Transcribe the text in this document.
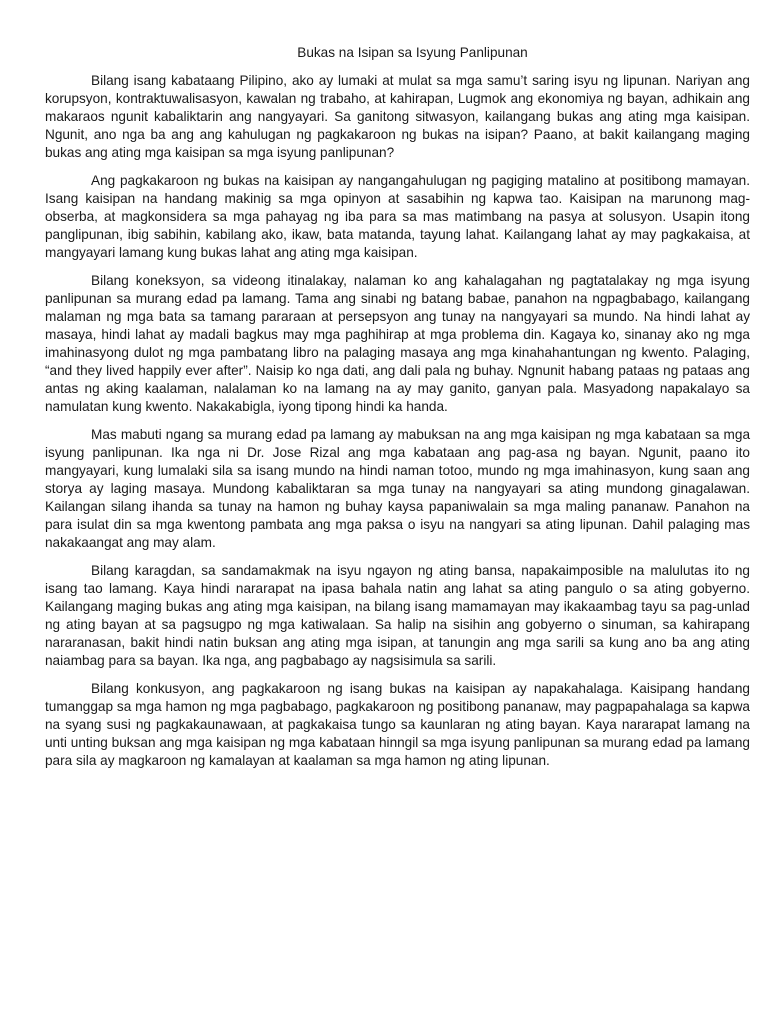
Bukas na Isipan sa Isyung Panlipunan

Bilang isang kabataang Pilipino, ako ay lumaki at mulat sa mga samu’t saring isyu ng lipunan. Nariyan ang korupsyon, kontraktuwalisasyon, kawalan ng trabaho, at kahirapan, Lugmok ang ekonomiya ng bayan, adhikain ang makaraos ngunit kabaliktarin ang nangyayari. Sa ganitong sitwasyon, kailangang bukas ang ating mga kaisipan. Ngunit, ano nga ba ang ang kahulugan ng pagkakaroon ng bukas na isipan? Paano, at bakit kailangang maging bukas ang ating mga kaisipan sa mga isyung panlipunan?

Ang pagkakaroon ng bukas na kaisipan ay nangangahulugan ng pagiging matalino at positibong mamayan. Isang kaisipan na handang makinig sa mga opinyon at sasabihin ng kapwa tao. Kaisipan na marunong mag-obserba, at magkonsidera sa mga pahayag ng iba para sa mas matimbang na pasya at solusyon. Usapin itong panglipunan, ibig sabihin, kabilang ako, ikaw, bata matanda, tayung lahat. Kailangang lahat ay may pagkakaisa, at mangyayari lamang kung bukas lahat ang ating mga kaisipan.

Bilang koneksyon, sa videong itinalakay, nalaman ko ang kahalagahan ng pagtatalakay ng mga isyung panlipunan sa murang edad pa lamang. Tama ang sinabi ng batang babae, panahon na ngpagbabago, kailangang malaman ng mga bata sa tamang pararaan at persepsyon ang tunay na nangyayari sa mundo. Na hindi lahat ay masaya, hindi lahat ay madali bagkus may mga paghihirap at mga problema din. Kagaya ko, sinanay ako ng mga imahinasyong dulot ng mga pambatang libro na palaging masaya ang mga kinahahantungan ng kwento. Palaging, “and they lived happily ever after”. Naisip ko nga dati, ang dali pala ng buhay. Ngnunit habang pataas ng pataas ang antas ng aking kaalaman, nalalaman ko na lamang na ay may ganito, ganyan pala. Masyadong napakalayo sa namulatan kung kwento. Nakakabigla, iyong tipong hindi ka handa.

Mas mabuti ngang sa murang edad pa lamang ay mabuksan na ang mga kaisipan ng mga kabataan sa mga isyung panlipunan. Ika nga ni Dr. Jose Rizal ang mga kabataan ang pag-asa ng bayan. Ngunit, paano ito mangyayari, kung lumalaki sila sa isang mundo na hindi naman totoo, mundo ng mga imahinasyon, kung saan ang storya ay laging masaya. Mundong kabaliktaran sa mga tunay na nangyayari sa ating mundong ginagalawan. Kailangan silang ihanda sa tunay na hamon ng buhay kaysa papaniwalain sa mga maling pananaw. Panahon na para isulat din sa mga kwentong pambata ang mga paksa o isyu na nangyari sa ating lipunan. Dahil palaging mas nakakaangat ang may alam.

Bilang karagdan, sa sandamakmak na isyu ngayon ng ating bansa, napakaimposible na malulutas ito ng isang tao lamang. Kaya hindi nararapat na ipasa bahala natin ang lahat sa ating pangulo o sa ating gobyerno. Kailangang maging bukas ang ating mga kaisipan, na bilang isang mamamayan may ikakaambag tayu sa pag-unlad ng ating bayan at sa pagsugpo ng mga katiwalaan. Sa halip na sisihin ang gobyerno o sinuman, sa kahirapang nararanasan, bakit hindi natin buksan ang ating mga isipan, at tanungin ang mga sarili sa kung ano ba ang ating naiambag para sa bayan. Ika nga, ang pagbabago ay nagsisimula sa sarili.

Bilang konkusyon, ang pagkakaroon ng isang bukas na kaisipan ay napakahalaga. Kaisipang handang tumanggap sa mga hamon ng mga pagbabago, pagkakaroon ng positibong pananaw, may pagpapahalaga sa kapwa na syang susi ng pagkakaunawaan, at pagkakaisa tungo sa kaunlaran ng ating bayan. Kaya nararapat lamang na unti unting buksan ang mga kaisipan ng mga kabataan hinngil sa mga isyung panlipunan sa murang edad pa lamang para sila ay magkaroon ng kamalayan at kaalaman sa mga hamon ng ating lipunan.
